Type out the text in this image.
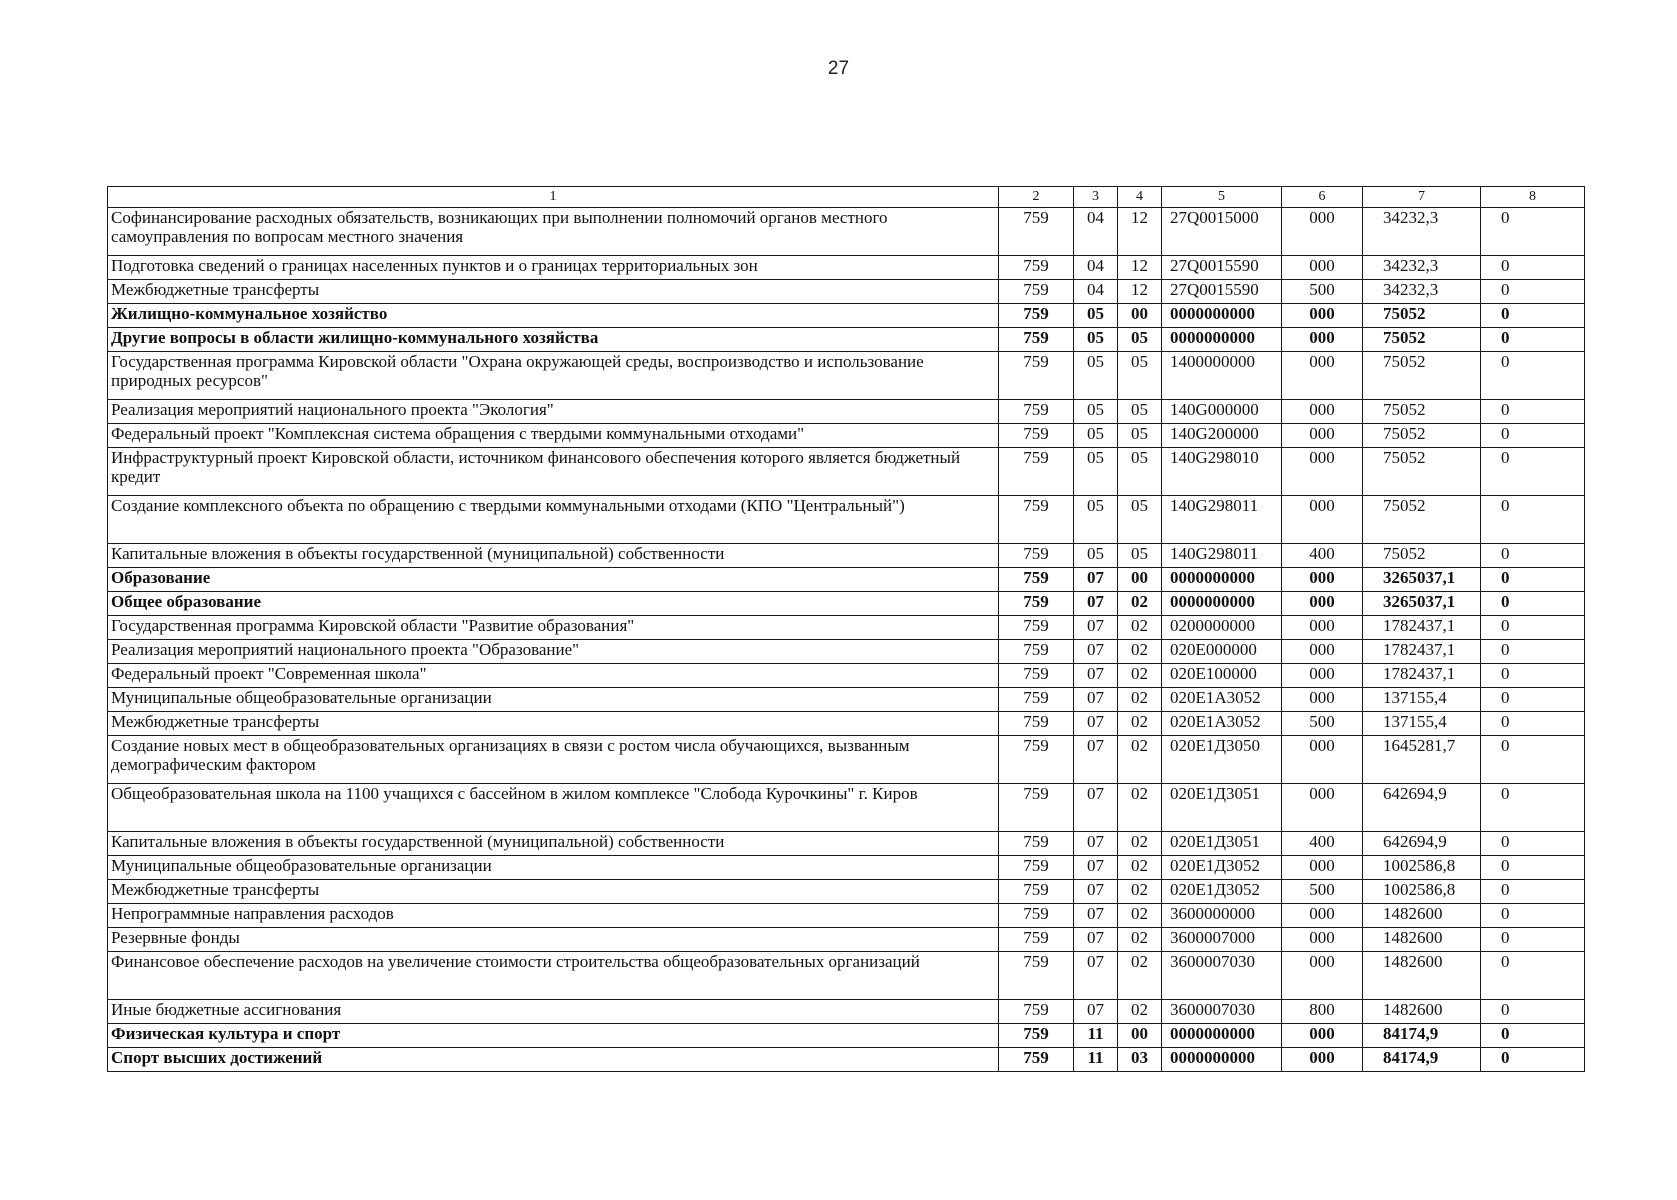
27
1	2	3	4	5	6	7	8
Софинансирование расходных обязательств, возникающих при выполнении полномочий органов местного самоуправления по вопросам местного значения	759	04	12	27Q0015000	000	34232,3	0
Подготовка сведений о границах населенных пунктов и о границах территориальных зон	759	04	12	27Q0015590	000	34232,3	0
Межбюджетные трансферты	759	04	12	27Q0015590	500	34232,3	0
Жилищно-коммунальное хозяйство	759	05	00	0000000000	000	75052	0
Другие вопросы в области жилищно-коммунального хозяйства	759	05	05	0000000000	000	75052	0
Государственная программа Кировской области "Охрана окружающей среды, воспроизводство и использование природных ресурсов"	759	05	05	1400000000	000	75052	0
Реализация мероприятий национального проекта "Экология"	759	05	05	140G000000	000	75052	0
Федеральный проект "Комплексная система обращения с твердыми коммунальными отходами"	759	05	05	140G200000	000	75052	0
Инфраструктурный проект Кировской области, источником финансового обеспечения которого является бюджетный кредит	759	05	05	140G298010	000	75052	0
Создание комплексного объекта по обращению с твердыми коммунальными отходами (КПО "Центральный")	759	05	05	140G298011	000	75052	0
Капитальные вложения в объекты государственной (муниципальной) собственности	759	05	05	140G298011	400	75052	0
Образование	759	07	00	0000000000	000	3265037,1	0
Общее образование	759	07	02	0000000000	000	3265037,1	0
Государственная программа Кировской области "Развитие образования"	759	07	02	0200000000	000	1782437,1	0
Реализация мероприятий национального проекта "Образование"	759	07	02	020E000000	000	1782437,1	0
Федеральный проект "Современная школа"	759	07	02	020E100000	000	1782437,1	0
Муниципальные общеобразовательные организации	759	07	02	020E1A3052	000	137155,4	0
Межбюджетные трансферты	759	07	02	020E1A3052	500	137155,4	0
Создание новых мест в общеобразовательных организациях в связи с ростом числа обучающихся, вызванным демографическим фактором	759	07	02	020E1Д3050	000	1645281,7	0
Общеобразовательная школа на 1100 учащихся с бассейном в жилом комплексе "Слобода Курочкины" г. Киров	759	07	02	020E1Д3051	000	642694,9	0
Капитальные вложения в объекты государственной (муниципальной) собственности	759	07	02	020E1Д3051	400	642694,9	0
Муниципальные общеобразовательные организации	759	07	02	020E1Д3052	000	1002586,8	0
Межбюджетные трансферты	759	07	02	020E1Д3052	500	1002586,8	0
Непрограммные направления расходов	759	07	02	3600000000	000	1482600	0
Резервные фонды	759	07	02	3600007000	000	1482600	0
Финансовое обеспечение расходов на увеличение стоимости строительства общеобразовательных организаций	759	07	02	3600007030	000	1482600	0
Иные бюджетные ассигнования	759	07	02	3600007030	800	1482600	0
Физическая культура и спорт	759	11	00	0000000000	000	84174,9	0
Спорт высших достижений	759	11	03	0000000000	000	84174,9	0
